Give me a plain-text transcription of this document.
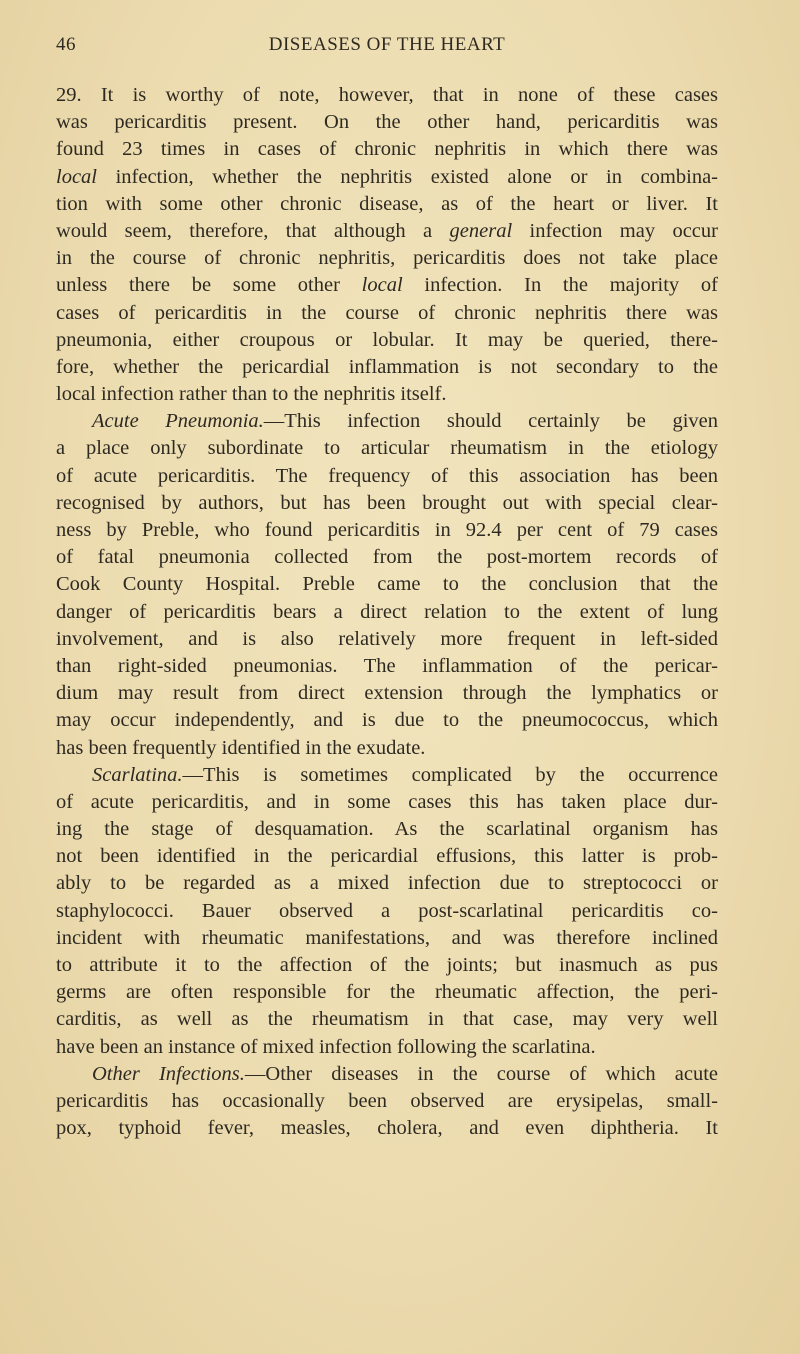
46	DISEASES OF THE HEART
29. It is worthy of note, however, that in none of these cases
was pericarditis present. On the other hand, pericarditis was
found 23 times in cases of chronic nephritis in which there was
local infection, whether the nephritis existed alone or in combina-
tion with some other chronic disease, as of the heart or liver. It
would seem, therefore, that although a general infection may occur
in the course of chronic nephritis, pericarditis does not take place
unless there be some other local infection. In the majority of
cases of pericarditis in the course of chronic nephritis there was
pneumonia, either croupous or lobular. It may be queried, there-
fore, whether the pericardial inflammation is not secondary to the
local infection rather than to the nephritis itself.
Acute Pneumonia.—This infection should certainly be given
a place only subordinate to articular rheumatism in the etiology
of acute pericarditis. The frequency of this association has been
recognised by authors, but has been brought out with special clear-
ness by Preble, who found pericarditis in 92.4 per cent of 79 cases
of fatal pneumonia collected from the post-mortem records of
Cook County Hospital. Preble came to the conclusion that the
danger of pericarditis bears a direct relation to the extent of lung
involvement, and is also relatively more frequent in left-sided
than right-sided pneumonias. The inflammation of the pericar-
dium may result from direct extension through the lymphatics or
may occur independently, and is due to the pneumococcus, which
has been frequently identified in the exudate.
Scarlatina.—This is sometimes complicated by the occurrence
of acute pericarditis, and in some cases this has taken place dur-
ing the stage of desquamation. As the scarlatinal organism has
not been identified in the pericardial effusions, this latter is prob-
ably to be regarded as a mixed infection due to streptococci or
staphylococci. Bauer observed a post-scarlatinal pericarditis co-
incident with rheumatic manifestations, and was therefore inclined
to attribute it to the affection of the joints; but inasmuch as pus
germs are often responsible for the rheumatic affection, the peri-
carditis, as well as the rheumatism in that case, may very well
have been an instance of mixed infection following the scarlatina.
Other Infections.—Other diseases in the course of which acute
pericarditis has occasionally been observed are erysipelas, small-
pox, typhoid fever, measles, cholera, and even diphtheria. It
